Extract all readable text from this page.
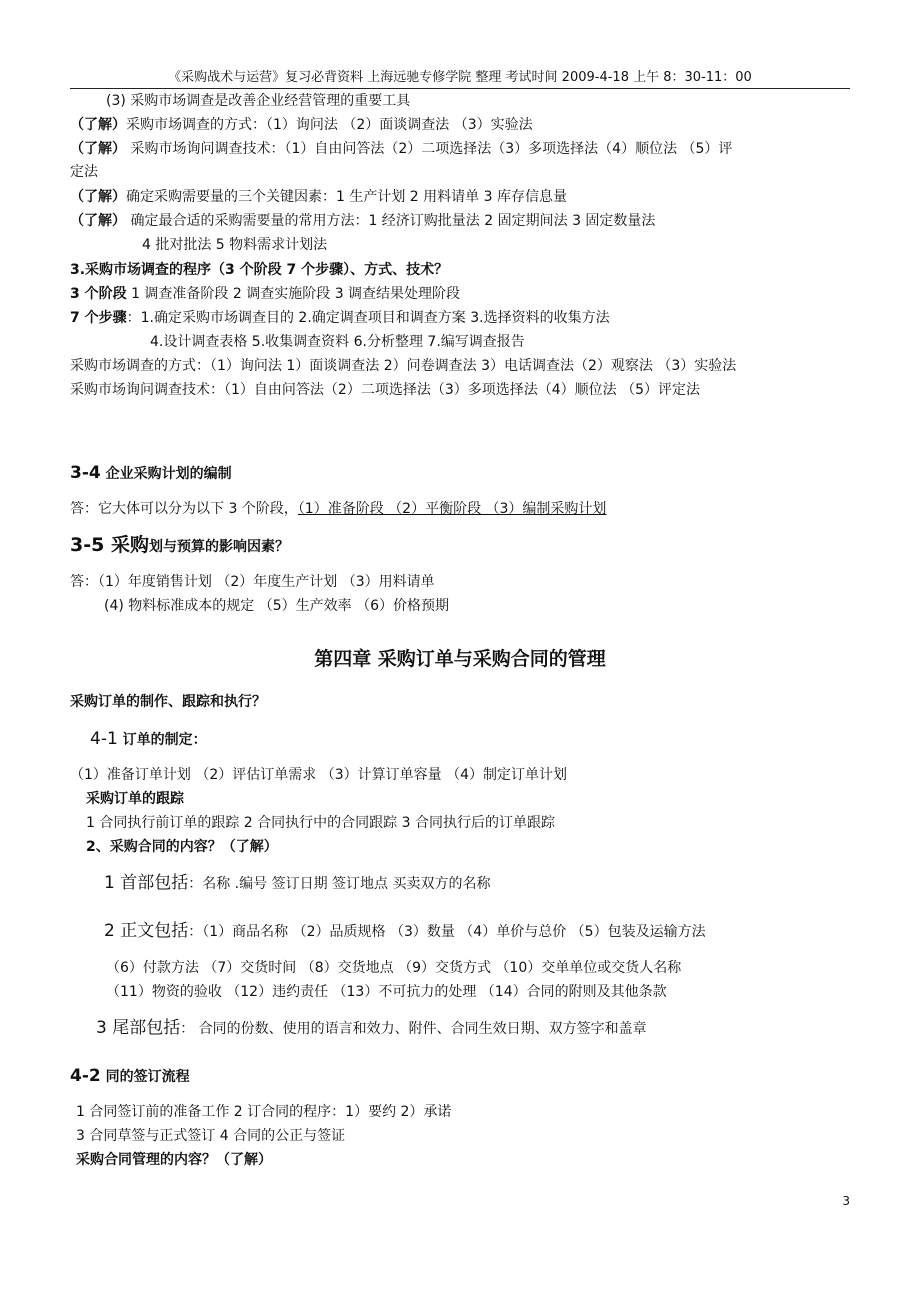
《采购战术与运营》复习必背资料 上海远驰专修学院 整理 考试时间 2009-4-18 上午 8：30-11：00
(3) 采购市场调查是改善企业经营管理的重要工具
（了解）采购市场调查的方式：（1）询问法 （2）面谈调查法 （3）实验法
（了解） 采购市场询问调查技术：（1）自由问答法（2）二项选择法（3）多项选择法（4）顺位法 （5）评
定法
（了解）确定采购需要量的三个关键因素：1 生产计划 2 用料请单 3 库存信息量
（了解） 确定最合适的采购需要量的常用方法：1 经济订购批量法 2 固定期间法 3 固定数量法
4 批对批法 5 物料需求计划法
3.采购市场调查的程序（3 个阶段 7 个步骤）、方式、技术？
3 个阶段 1 调查准备阶段 2 调查实施阶段 3 调查结果处理阶段
7 个步骤：1.确定采购市场调查目的 2.确定调查项目和调查方案 3.选择资料的收集方法
4.设计调查表格 5.收集调查资料 6.分析整理 7.编写调查报告
采购市场调查的方式：（1）询问法 1）面谈调查法 2）问卷调查法 3）电话调查法（2）观察法 （3）实验法
采购市场询问调查技术：（1）自由问答法（2）二项选择法（3）多项选择法（4）顺位法 （5）评定法
3-4 企业采购计划的编制
答：它大体可以分为以下 3 个阶段，（1）准备阶段 （2）平衡阶段 （3）编制采购计划
3-5 采购划与预算的影响因素？
答：（1）年度销售计划 （2）年度生产计划 （3）用料请单
(4) 物料标准成本的规定 （5）生产效率 （6）价格预期
第四章 采购订单与采购合同的管理
采购订单的制作、跟踪和执行？
4-1 订单的制定：
（1）准备订单计划 （2）评估订单需求 （3）计算订单容量 （4）制定订单计划
采购订单的跟踪
1 合同执行前订单的跟踪 2 合同执行中的合同跟踪 3 合同执行后的订单跟踪
2、采购合同的内容？（了解）
1 首部包括：名称 .编号 签订日期 签订地点 买卖双方的名称
2 正文包括：（1）商品名称 （2）品质规格 （3）数量 （4）单价与总价 （5）包装及运输方法
（6）付款方法 （7）交货时间 （8）交货地点 （9）交货方式 （10）交单单位或交货人名称
（11）物资的验收 （12）违约责任 （13）不可抗力的处理 （14）合同的附则及其他条款
3 尾部包括： 合同的份数、使用的语言和效力、附件、合同生效日期、双方签字和盖章
4-2 同的签订流程
1 合同签订前的准备工作 2 订合同的程序：1）要约 2）承诺
3 合同草签与正式签订 4 合同的公正与签证
采购合同管理的内容？（了解）
3
